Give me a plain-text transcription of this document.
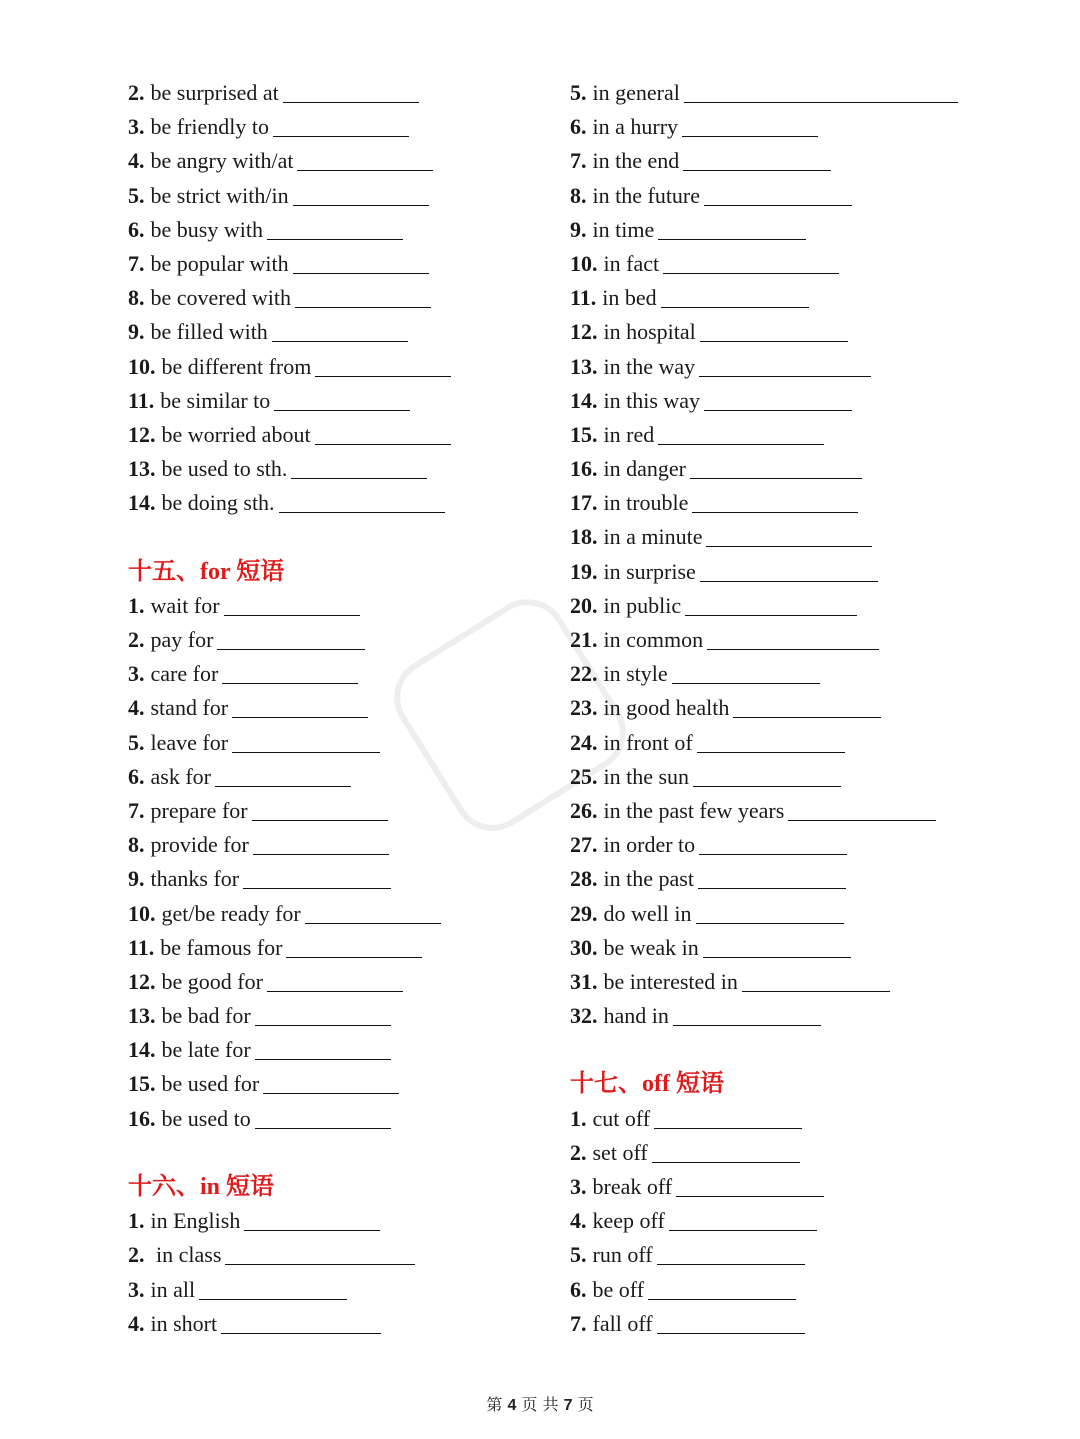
2. be surprised at
3. be friendly to
4. be angry with/at
5. be strict with/in
6. be busy with
7. be popular with
8. be covered with
9. be filled with
10. be different from
11. be similar to
12. be worried about
13. be used to sth.
14. be doing sth.
十五、for 短语
1. wait for
2. pay for
3. care for
4. stand for
5. leave for
6. ask for
7. prepare for
8. provide for
9. thanks for
10. get/be ready for
11. be famous for
12. be good for
13. be bad for
14. be late for
15. be used for
16. be used to
十六、in 短语
1. in English
2. in class
3. in all
4. in short
5. in general
6. in a hurry
7. in the end
8. in the future
9. in time
10. in fact
11. in bed
12. in hospital
13. in the way
14. in this way
15. in red
16. in danger
17. in trouble
18. in a minute
19. in surprise
20. in public
21. in common
22. in style
23. in good health
24. in front of
25. in the sun
26. in the past few years
27. in order to
28. in the past
29. do well in
30. be weak in
31. be interested in
32. hand in
十七、off 短语
1. cut off
2. set off
3. break off
4. keep off
5. run off
6. be off
7. fall off
第 4 页 共 7 页
